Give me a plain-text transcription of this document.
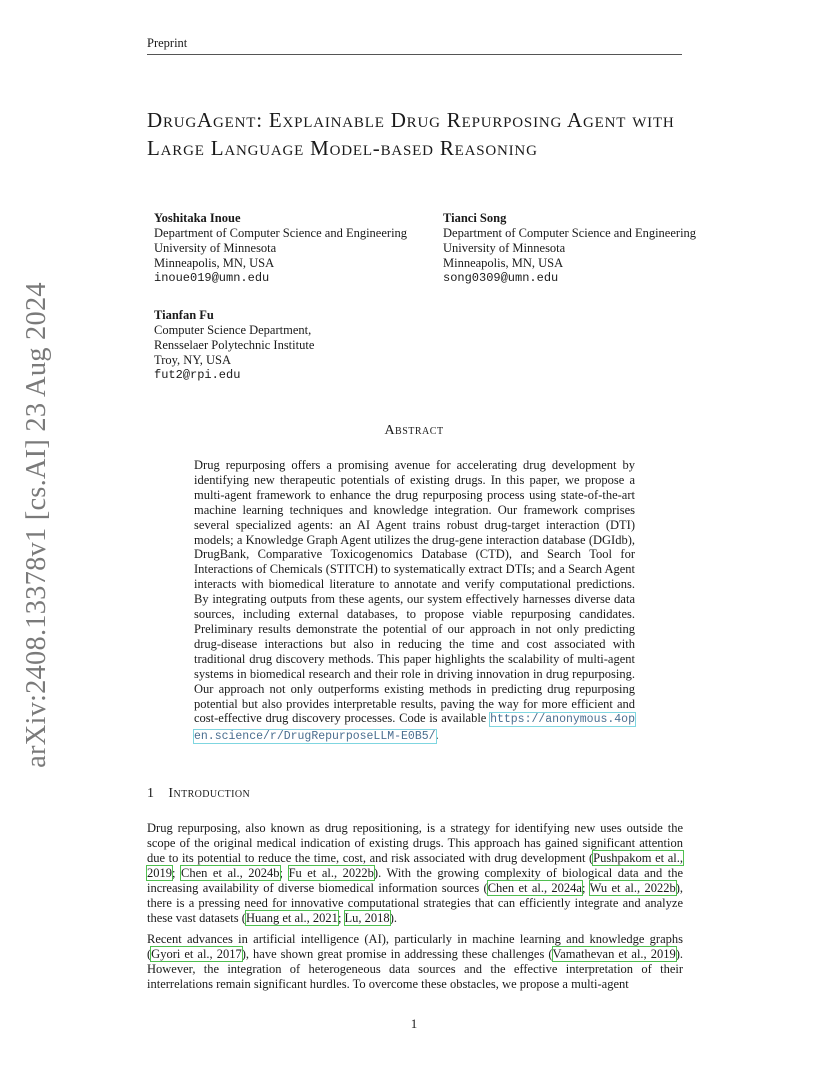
Preprint
arXiv:2408.13378v1 [cs.AI] 23 Aug 2024
DrugAgent: Explainable Drug Repurposing Agent with Large Language Model-based Reasoning
Yoshitaka Inoue
Department of Computer Science and Engineering
University of Minnesota
Minneapolis, MN, USA
inoue019@umn.edu
Tianci Song
Department of Computer Science and Engineering
University of Minnesota
Minneapolis, MN, USA
song0309@umn.edu
Tianfan Fu
Computer Science Department,
Rensselaer Polytechnic Institute
Troy, NY, USA
fut2@rpi.edu
Abstract
Drug repurposing offers a promising avenue for accelerating drug development by identifying new therapeutic potentials of existing drugs. In this paper, we propose a multi-agent framework to enhance the drug repurposing process using state-of-the-art machine learning techniques and knowledge integration. Our framework comprises several specialized agents: an AI Agent trains robust drug-target interaction (DTI) models; a Knowledge Graph Agent utilizes the drug-gene interaction database (DGIdb), DrugBank, Comparative Toxicogenomics Database (CTD), and Search Tool for Interactions of Chemicals (STITCH) to systematically extract DTIs; and a Search Agent interacts with biomedical literature to annotate and verify computational predictions. By integrating outputs from these agents, our system effectively harnesses diverse data sources, including external databases, to propose viable repurposing candidates. Preliminary results demonstrate the potential of our approach in not only predicting drug-disease interactions but also in reducing the time and cost associated with traditional drug discovery methods. This paper highlights the scalability of multi-agent systems in biomedical research and their role in driving innovation in drug repurposing. Our approach not only outperforms existing methods in predicting drug repurposing potential but also provides interpretable results, paving the way for more efficient and cost-effective drug discovery processes. Code is available https://anonymous.4open.science/r/DrugRepurposeLLM-E0B5/.
1 Introduction
Drug repurposing, also known as drug repositioning, is a strategy for identifying new uses outside the scope of the original medical indication of existing drugs. This approach has gained significant attention due to its potential to reduce the time, cost, and risk associated with drug development (Pushpakom et al., 2019; Chen et al., 2024b; Fu et al., 2022b). With the growing complexity of biological data and the increasing availability of diverse biomedical information sources (Chen et al., 2024a; Wu et al., 2022b), there is a pressing need for innovative computational strategies that can efficiently integrate and analyze these vast datasets (Huang et al., 2021; Lu, 2018).
Recent advances in artificial intelligence (AI), particularly in machine learning and knowledge graphs (Gyori et al., 2017), have shown great promise in addressing these challenges (Vamathevan et al., 2019). However, the integration of heterogeneous data sources and the effective interpretation of their interrelations remain significant hurdles. To overcome these obstacles, we propose a multi-agent
1
